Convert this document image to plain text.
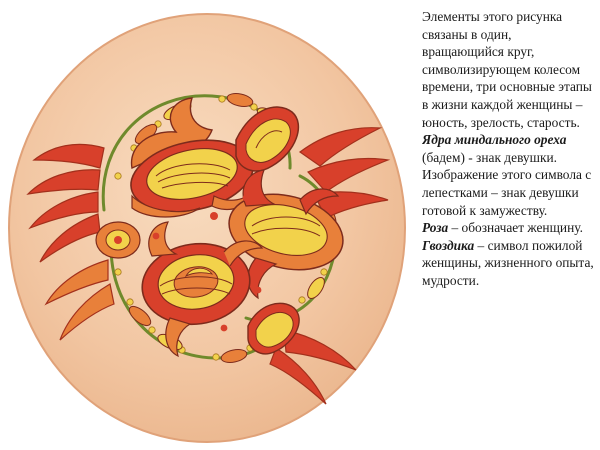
Элементы этого рисунка связаны в один, вращающийся круг, символизирующем колесом времени, три основные этапы в жизни каждой женщины – юность, зрелость, старость.

Ядра миндального ореха (бадем) - знак девушки. Изображение этого символа с лепестками – знак девушки готовой к замужеству.

Роза – обозначает женщину.

Гвоздика – символ пожилой женщины, жизненного опыта, мудрости.
